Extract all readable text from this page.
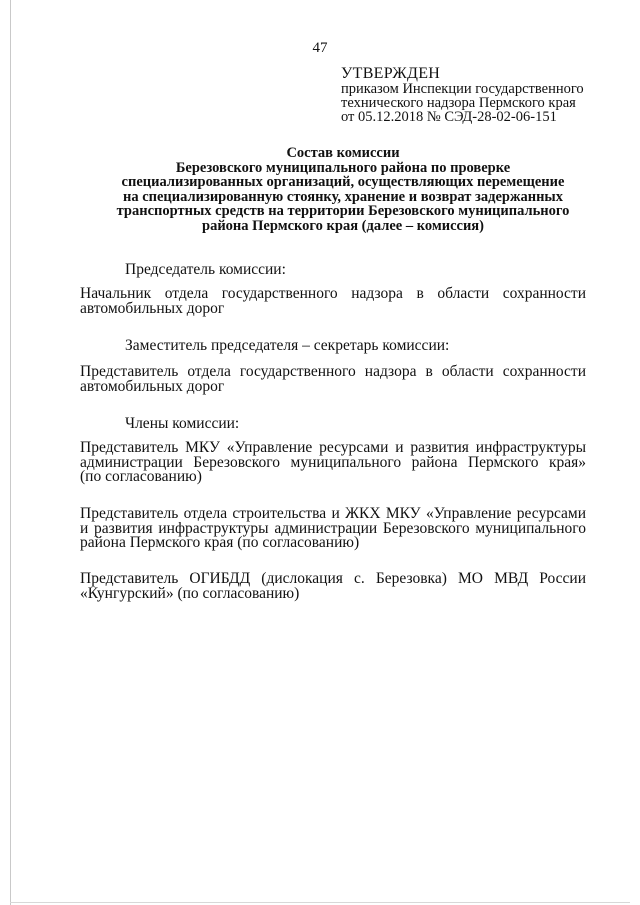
47
УТВЕРЖДЕН
приказом Инспекции государственного
технического надзора Пермского края
от 05.12.2018 № СЭД-28-02-06-151
Состав комиссии
Березовского муниципального района по проверке
специализированных организаций, осуществляющих перемещение
на специализированную стоянку, хранение и возврат задержанных
транспортных средств на территории Березовского муниципального
района Пермского края (далее – комиссия)
Председатель комиссии:
Начальник отдела государственного надзора в области сохранности
автомобильных дорог
Заместитель председателя – секретарь комиссии:
Представитель отдела государственного надзора в области сохранности
автомобильных дорог
Члены комиссии:
Представитель МКУ «Управление ресурсами и развития инфраструктуры
администрации Березовского муниципального района Пермского края»
(по согласованию)
Представитель отдела строительства и ЖКХ МКУ «Управление ресурсами
и развития инфраструктуры администрации Березовского муниципального
района Пермского края (по согласованию)
Представитель ОГИБДД (дислокация с. Березовка) МО МВД России
«Кунгурский» (по согласованию)
